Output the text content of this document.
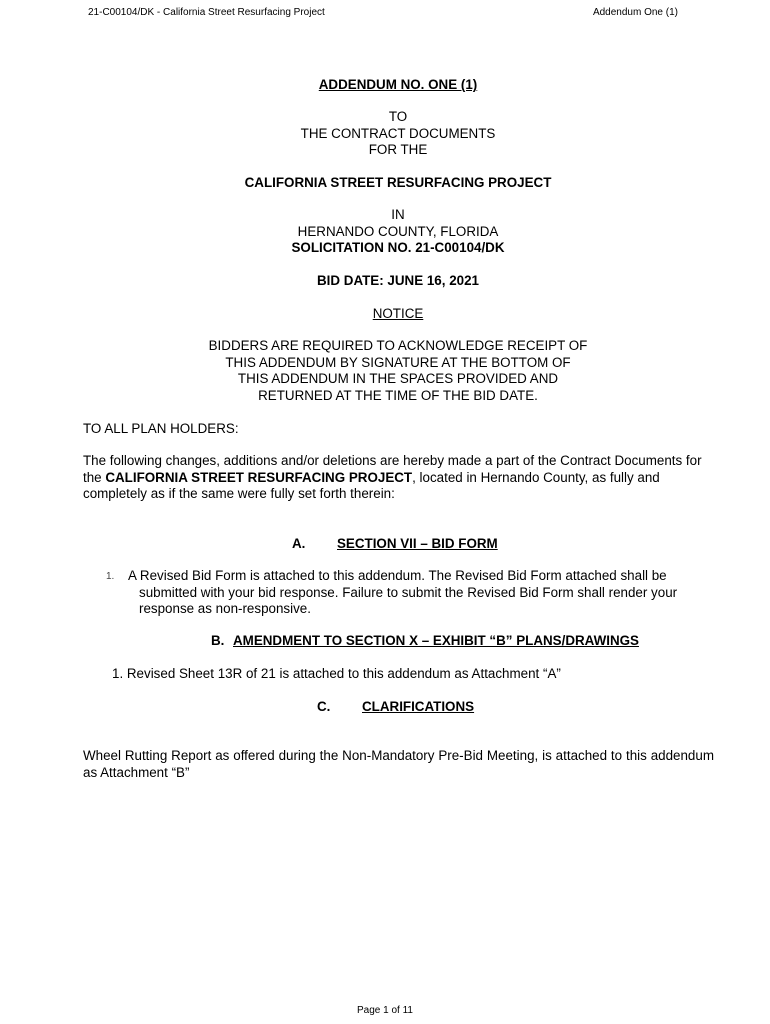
21-C00104/DK - California Street Resurfacing Project	Addendum One (1)
ADDENDUM NO. ONE (1)
TO
THE CONTRACT DOCUMENTS
FOR THE
CALIFORNIA STREET RESURFACING PROJECT
IN
HERNANDO COUNTY, FLORIDA
SOLICITATION NO. 21-C00104/DK
BID DATE: JUNE 16, 2021
NOTICE
BIDDERS ARE REQUIRED TO ACKNOWLEDGE RECEIPT OF
THIS ADDENDUM BY SIGNATURE AT THE BOTTOM OF
THIS ADDENDUM IN THE SPACES PROVIDED AND
RETURNED AT THE TIME OF THE BID DATE.
TO ALL PLAN HOLDERS:
The following changes, additions and/or deletions are hereby made a part of the Contract Documents for the CALIFORNIA STREET RESURFACING PROJECT, located in Hernando County, as fully and completely as if the same were fully set forth therein:
A. SECTION VII – BID FORM
1. A Revised Bid Form is attached to this addendum. The Revised Bid Form attached shall be
submitted with your bid response. Failure to submit the Revised Bid Form shall render your
response as non-responsive.
B. AMENDMENT TO SECTION X – EXHIBIT “B” PLANS/DRAWINGS
1. Revised Sheet 13R of 21 is attached to this addendum as Attachment “A”
C. CLARIFICATIONS
Wheel Rutting Report as offered during the Non-Mandatory Pre-Bid Meeting, is attached to this addendum as Attachment “B”
Page 1 of 11
